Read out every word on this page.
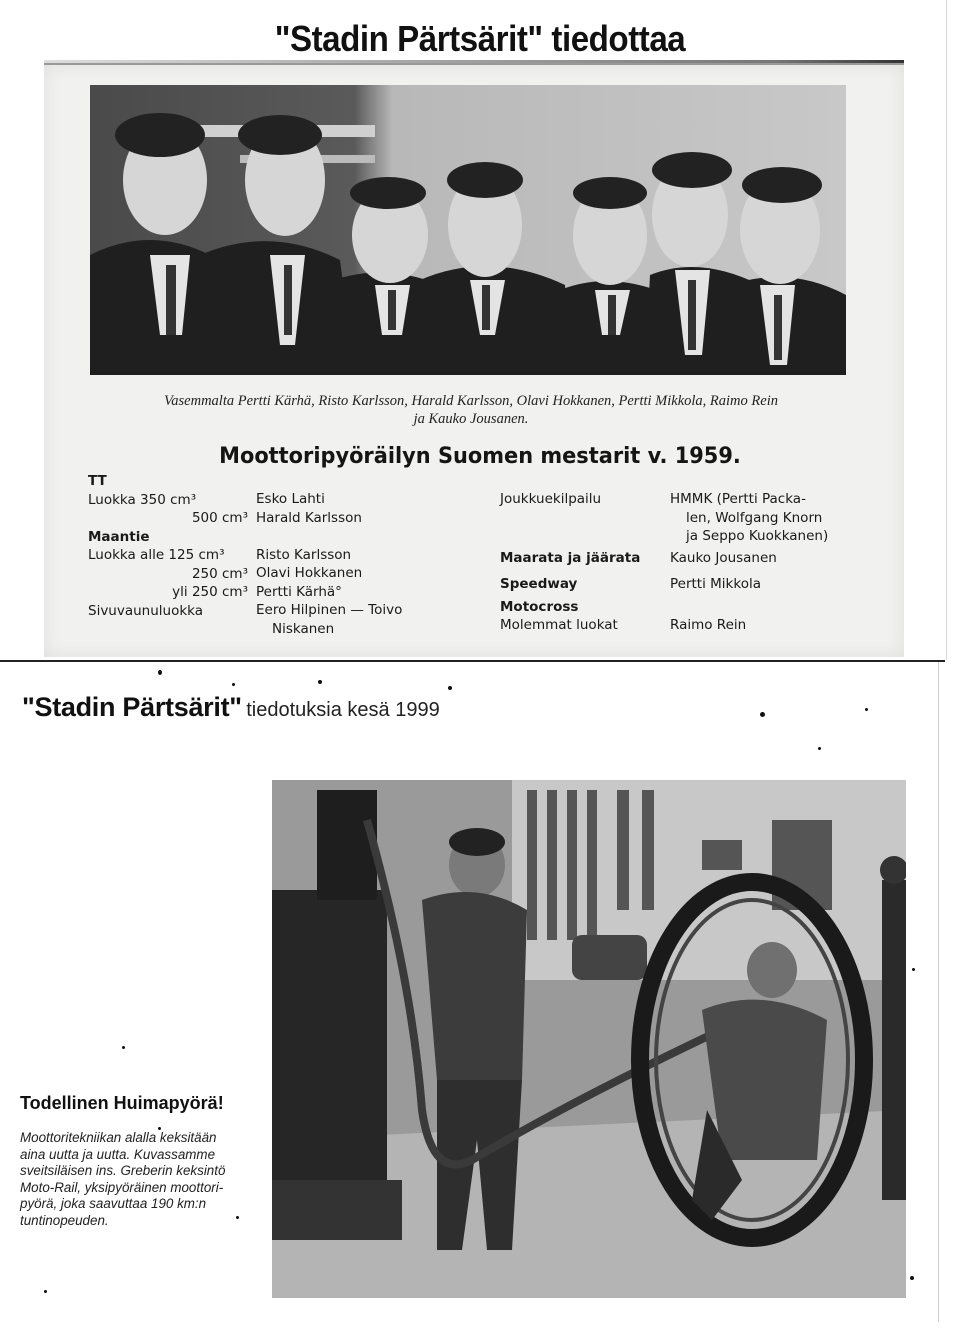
"Stadin Pärtsärit" tiedottaa
Vasemmalta Pertti Kärhä, Risto Karlsson, Harald Karlsson, Olavi Hokkanen, Pertti Mikkola, Raimo Rein
ja Kauko Jousanen.
Moottoripyöräilyn Suomen mestarit v. 1959.
TT
Luokka 350 cm³
500 cm³
Maantie
Luokka alle 125 cm³
250 cm³
yli 250 cm³
Sivuvaunuluokka
Esko Lahti
Harald Karlsson

Risto Karlsson
Olavi Hokkanen
Pertti Kärhä°
Eero Hilpinen — Toivo
Niskanen
Joukkuekilpailu

Maarata ja jäärata
Speedway
Motocross
Molemmat luokat
HMMK (Pertti Packa-
len, Wolfgang Knorn
ja Seppo Kuokkanen)
Kauko Jousanen
Pertti Mikkola

Raimo Rein
"Stadin Pärtsärit" tiedotuksia kesä 1999
Todellinen Huimapyörä!
Moottoritekniikan alalla keksitään
aina uutta ja uutta. Kuvassamme
sveitsiläisen ins. Greberin keksintö
Moto-Rail, yksipyöräinen moottori-
pyörä, joka saavuttaa 190 km:n
tuntinopeuden.
